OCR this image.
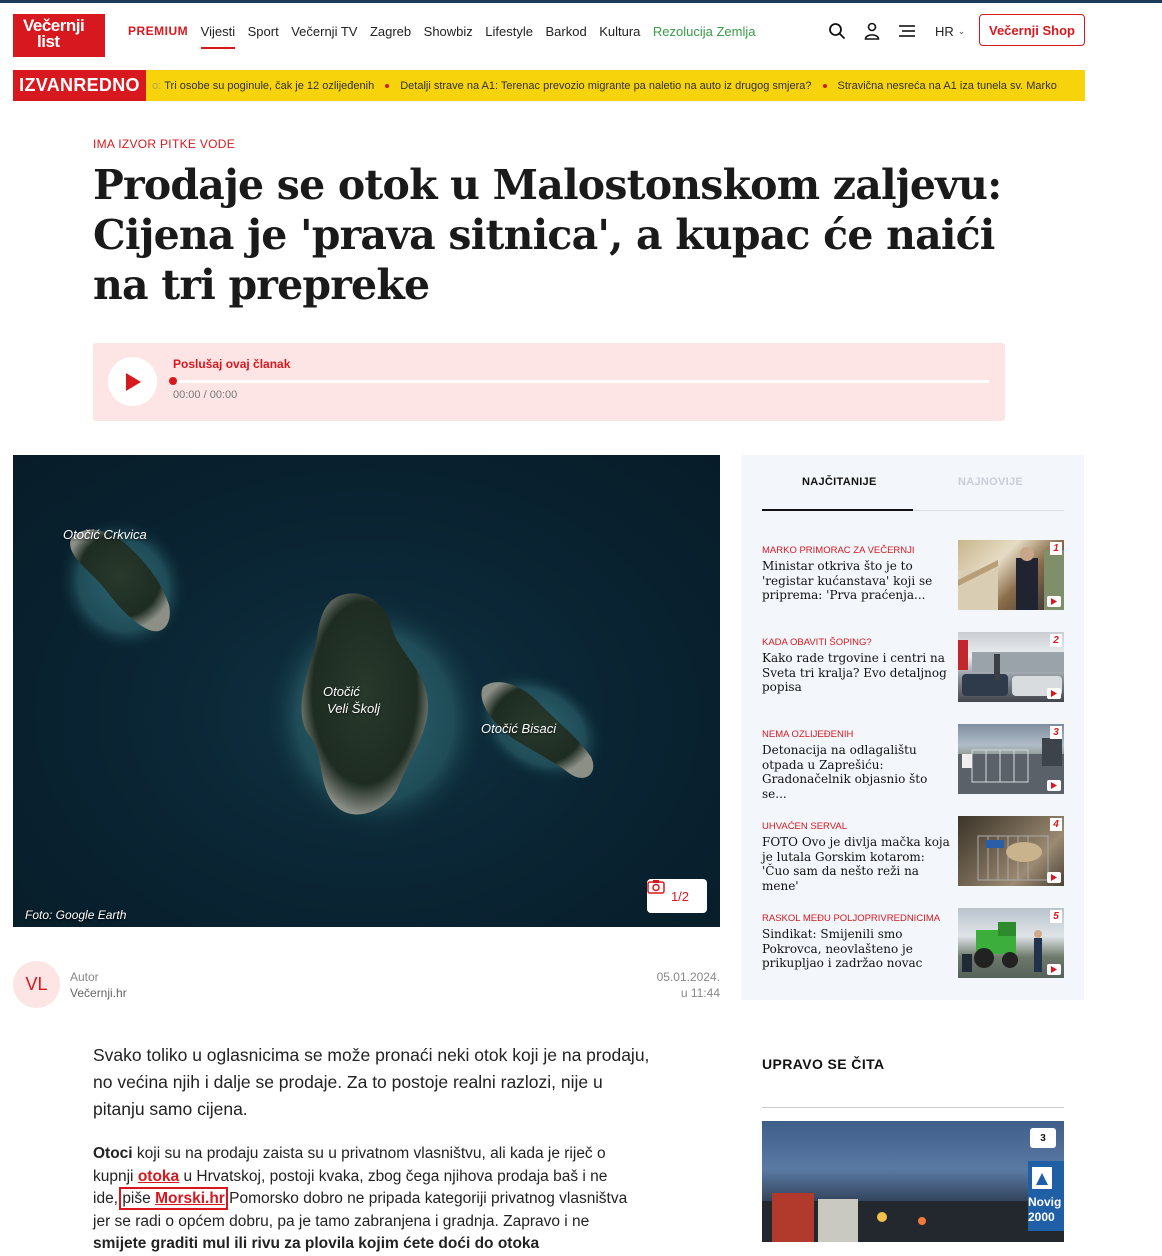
Večernji
list
PREMIUM Vijesti Sport Večernji TV Zagreb Showbiz Lifestyle Barkod Kultura Rezolucija Zemlja	HR ⌄	Večernji Shop
IZVANREDNO	o:
Tri osobe su poginule, čak je 12 ozlijeđenih Detalji strave na A1: Terenac prevozio migrante pa naletio na auto iz drugog smjera? Stravična nesreća na A1 iza tunela sv. Marko
IMA IZVOR PITKE VODE
Prodaje se otok u Malostonskom zaljevu: Cijena je 'prava sitnica', a kupac će naići na tri prepreke
Poslušaj ovaj članak
00:00 / 00:00
Otočić Crkvica
Otočić
Veli Školj
Otočić Bisaci
Foto: Google Earth
1/2
VL	Autor
Večernji.hr
05.01.2024.
u 11:44

Svako toliko u oglasnicima se može pronaći neki otok koji je na prodaju, no većina njih i dalje se prodaje. Za to postoje realni razlozi, nije u pitanju samo cijena.

Otoci koji su na prodaju zaista su u privatnom vlasništvu, ali kada je riječ o kupnji otoka u Hrvatskoj, postoji kvaka, zbog čega njihova prodaja baš i ne ide, piše Morski.hr Pomorsko dobro ne pripada kategoriji privatnog vlasništva jer se radi o općem dobru, pa je tamo zabranjena i gradnja. Zapravo i ne smijete graditi mul ili rivu za plovila kojim ćete doći do otoka

NAJČITANIJE	NAJNOVIJE
MARKO PRIMORAC ZA VEČERNJI
Ministar otkriva što je to 'registar kućanstava' koji se priprema: 'Prva praćenja...
1
KADA OBAVITI ŠOPING?
Kako rade trgovine i centri na Sveta tri kralja? Evo detaljnog popisa
2
NEMA OZLIJEĐENIH
Detonacija na odlagalištu otpada u Zaprešiću: Gradonačelnik objasnio što se...
3
UHVAĆEN SERVAL
FOTO Ovo je divlja mačka koja je lutala Gorskim kotarom: 'Čuo sam da nešto reži na mene'
4
RASKOL MEĐU POLJOPRIVREDNICIMA
Sindikat: Smijenili smo Pokrovca, neovlašteno je prikupljao i zadržao novac
5
UPRAVO SE ČITA
Novig 2000
3
